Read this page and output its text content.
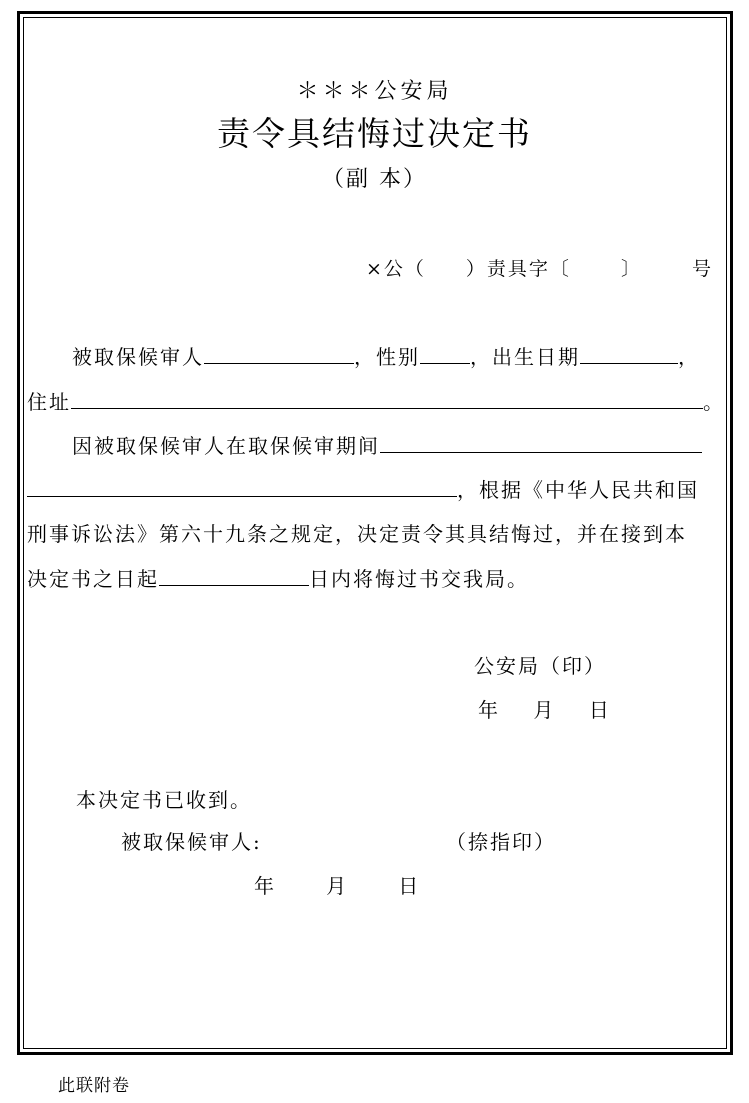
＊＊＊公安局
责令具结悔过决定书
（副 本）
×公（ ）责具字〔	〕	号
被取保候审人	，性别	，出生日期	，
住址	。
因被取保候审人在取保候审期间
，根据《中华人民共和国
刑事诉讼法》第六十九条之规定，决定责令其具结悔过，并在接到本
决定书之日起	日内将悔过书交我局。
公安局（印）
年    月    日
本决定书已收到。
被取保候审人:	（捺指印）
年      月      日
此联附卷
